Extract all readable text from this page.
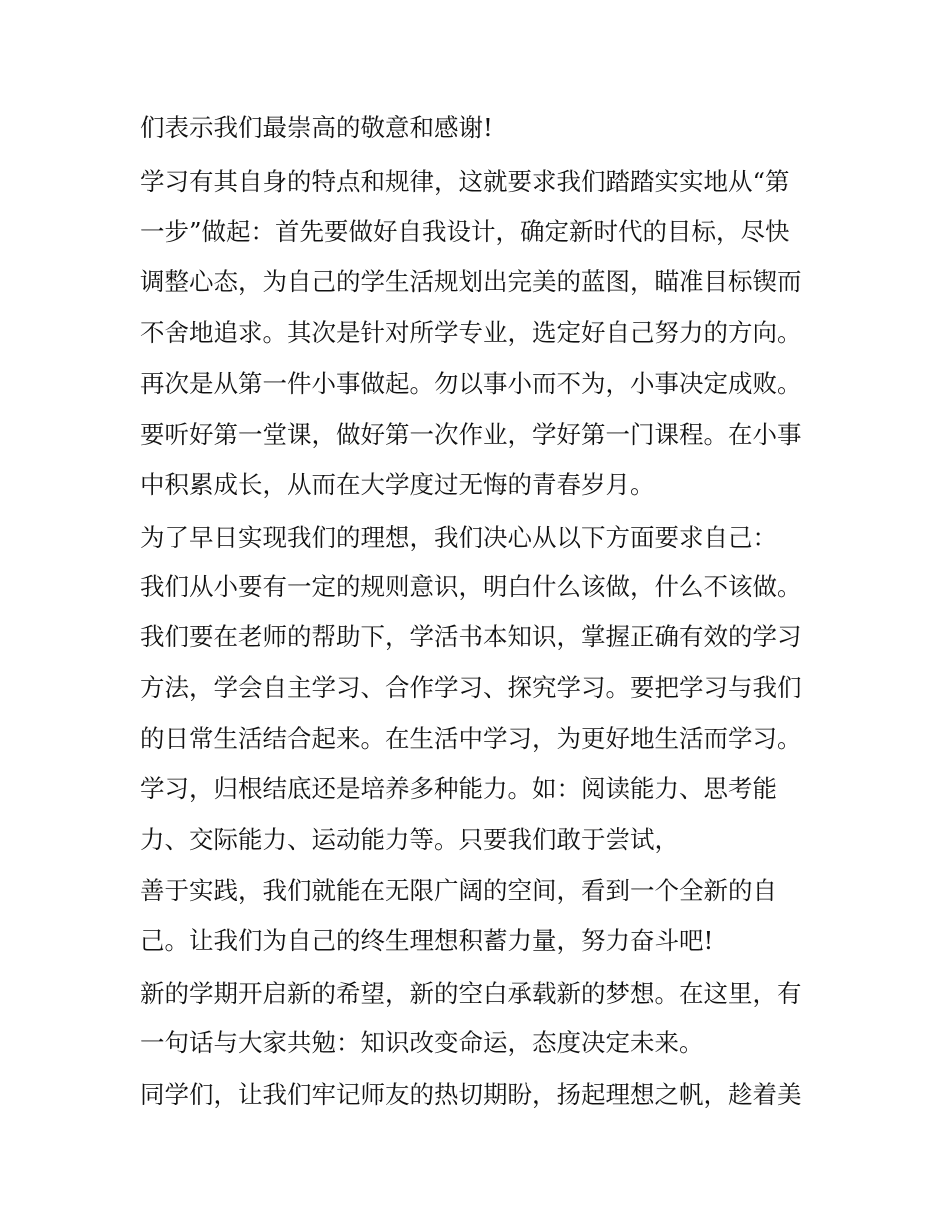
们表示我们最崇高的敬意和感谢!
学习有其自身的特点和规律，这就要求我们踏踏实实地从“第
一步”做起：首先要做好自我设计，确定新时代的目标，尽快
调整心态，为自己的学生活规划出完美的蓝图，瞄准目标锲而
不舍地追求。其次是针对所学专业，选定好自己努力的方向。
再次是从第一件小事做起。勿以事小而不为，小事决定成败。
要听好第一堂课，做好第一次作业，学好第一门课程。在小事
中积累成长，从而在大学度过无悔的青春岁月。
为了早日实现我们的理想，我们决心从以下方面要求自己：
我们从小要有一定的规则意识，明白什么该做，什么不该做。
我们要在老师的帮助下，学活书本知识，掌握正确有效的学习
方法，学会自主学习、合作学习、探究学习。要把学习与我们
的日常生活结合起来。在生活中学习，为更好地生活而学习。
学习，归根结底还是培养多种能力。如：阅读能力、思考能
力、交际能力、运动能力等。只要我们敢于尝试，
善于实践，我们就能在无限广阔的空间，看到一个全新的自
己。让我们为自己的终生理想积蓄力量，努力奋斗吧!
新的学期开启新的希望，新的空白承载新的梦想。在这里，有
一句话与大家共勉：知识改变命运，态度决定未来。
同学们，让我们牢记师友的热切期盼，扬起理想之帆，趁着美
